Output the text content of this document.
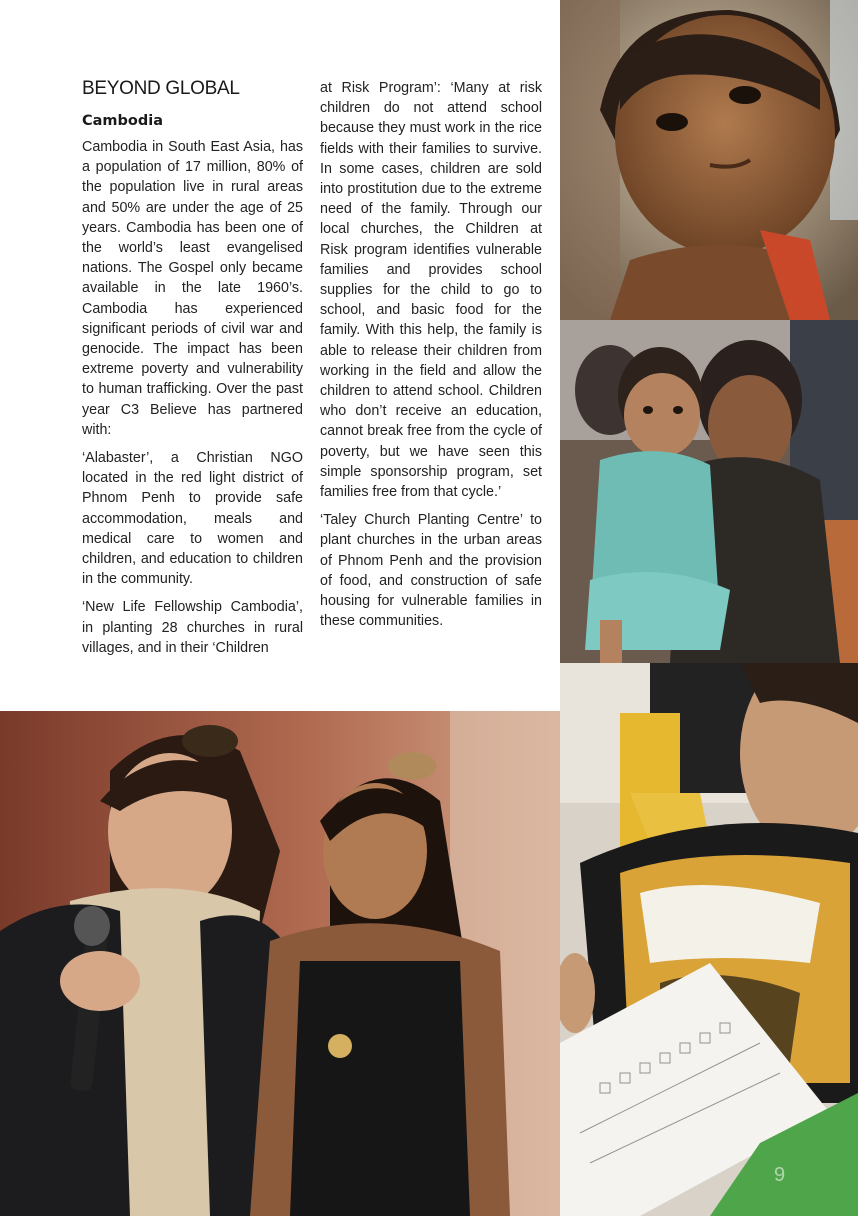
BEYOND GLOBAL
Cambodia

Cambodia in South East Asia, has a population of 17 million, 80% of the population live in rural areas and 50% are under the age of 25 years. Cambodia has been one of the world’s least evangelised nations. The Gospel only became available in the late 1960’s. Cambodia has experienced significant periods of civil war and genocide. The impact has been extreme poverty and vulnerability to human trafficking. Over the past year C3 Believe has partnered with:

‘Alabaster’, a Christian NGO located in the red light district of Phnom Penh to provide safe accommodation, meals and medical care to women and children, and education to children in the community.

‘New Life Fellowship Cambodia’, in planting 28 churches in rural villages, and in their ‘Children

at Risk Program’: ‘Many at risk children do not attend school because they must work in the rice fields with their families to survive. In some cases, children are sold into prostitution due to the extreme need of the family. Through our local churches, the Children at Risk program identifies vulnerable families and provides school supplies for the child to go to school, and basic food for the family. With this help, the family is able to release their children from working in the field and allow the children to attend school. Children who don’t receive an education, cannot break free from the cycle of poverty, but we have seen this simple sponsorship program, set families free from that cycle.’

‘Taley Church Planting Centre’ to plant churches in the urban areas of Phnom Penh and the provision of food, and construction of safe housing for vulnerable families in these communities.

9
